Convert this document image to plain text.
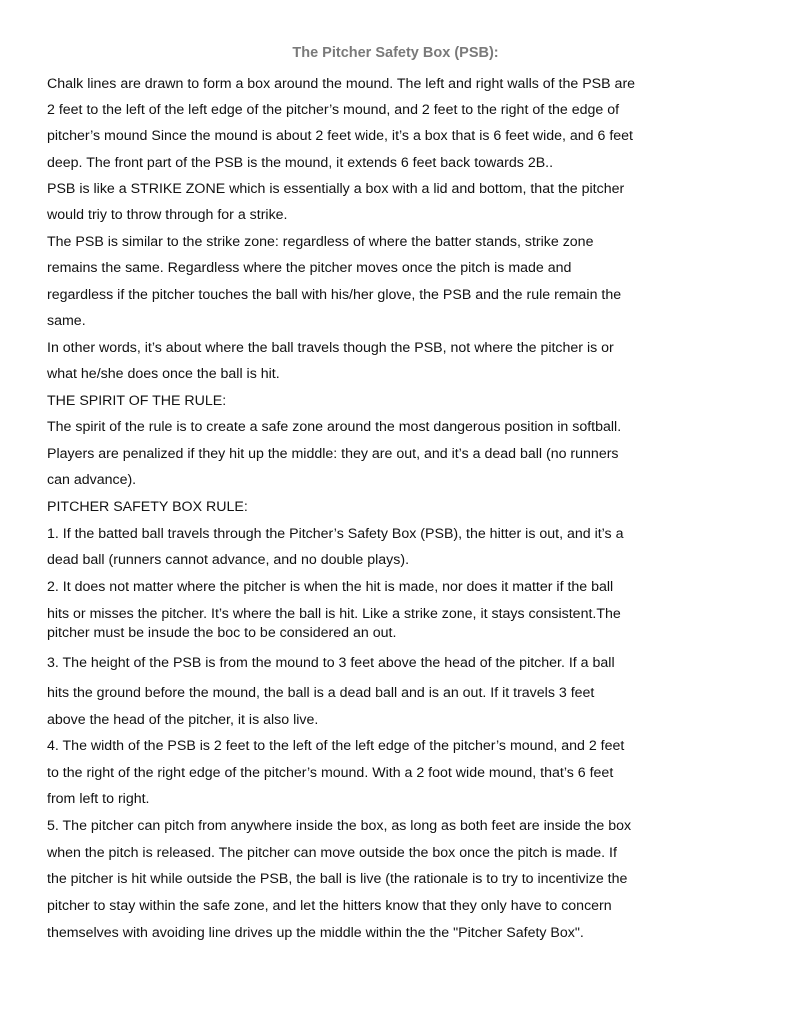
The Pitcher Safety Box (PSB):
Chalk lines are drawn to form a box around the mound. The left and right walls of the PSB are
2 feet to the left of the left edge of the pitcher’s mound, and 2 feet to the right of the edge of
pitcher’s mound Since the mound is about 2 feet wide, it’s a box that is 6 feet wide, and 6 feet
deep. The front part of the PSB is the mound, it extends 6 feet back towards 2B..
PSB is like a STRIKE ZONE which is essentially a box with a lid and bottom, that the pitcher
would triy to throw through for a strike.
The PSB is similar to the strike zone: regardless of where the batter stands, strike zone
remains the same. Regardless where the pitcher moves once the pitch is made and
regardless if the pitcher touches the ball with his/her glove, the PSB and the rule remain the
same.
In other words, it’s about where the ball travels though the PSB, not where the pitcher is or
what he/she does once the ball is hit.
THE SPIRIT OF THE RULE:
The spirit of the rule is to create a safe zone around the most dangerous position in softball.
Players are penalized if they hit up the middle: they are out, and it’s a dead ball (no runners
can advance).
PITCHER SAFETY BOX RULE:
1. If the batted ball travels through the Pitcher’s Safety Box (PSB), the hitter is out, and it’s a
dead ball (runners cannot advance, and no double plays).
2. It does not matter where the pitcher is when the hit is made, nor does it matter if the ball
hits or misses the pitcher. It’s where the ball is hit. Like a strike zone, it stays consistent.The
pitcher must be insude the boc to be considered an out.
3. The height of the PSB is from the mound to 3 feet above the head of the pitcher. If a ball
hits the ground before the mound, the ball is a dead ball and is an out. If it travels 3 feet
above the head of the pitcher, it is also live.
4. The width of the PSB is 2 feet to the left of the left edge of the pitcher’s mound, and 2 feet
to the right of the right edge of the pitcher’s mound. With a 2 foot wide mound, that’s 6 feet
from left to right.
5. The pitcher can pitch from anywhere inside the box, as long as both feet are inside the box
when the pitch is released. The pitcher can move outside the box once the pitch is made. If
the pitcher is hit while outside the PSB, the ball is live (the rationale is to try to incentivize the
pitcher to stay within the safe zone, and let the hitters know that they only have to concern
themselves with avoiding line drives up the middle within the the "Pitcher Safety Box".
